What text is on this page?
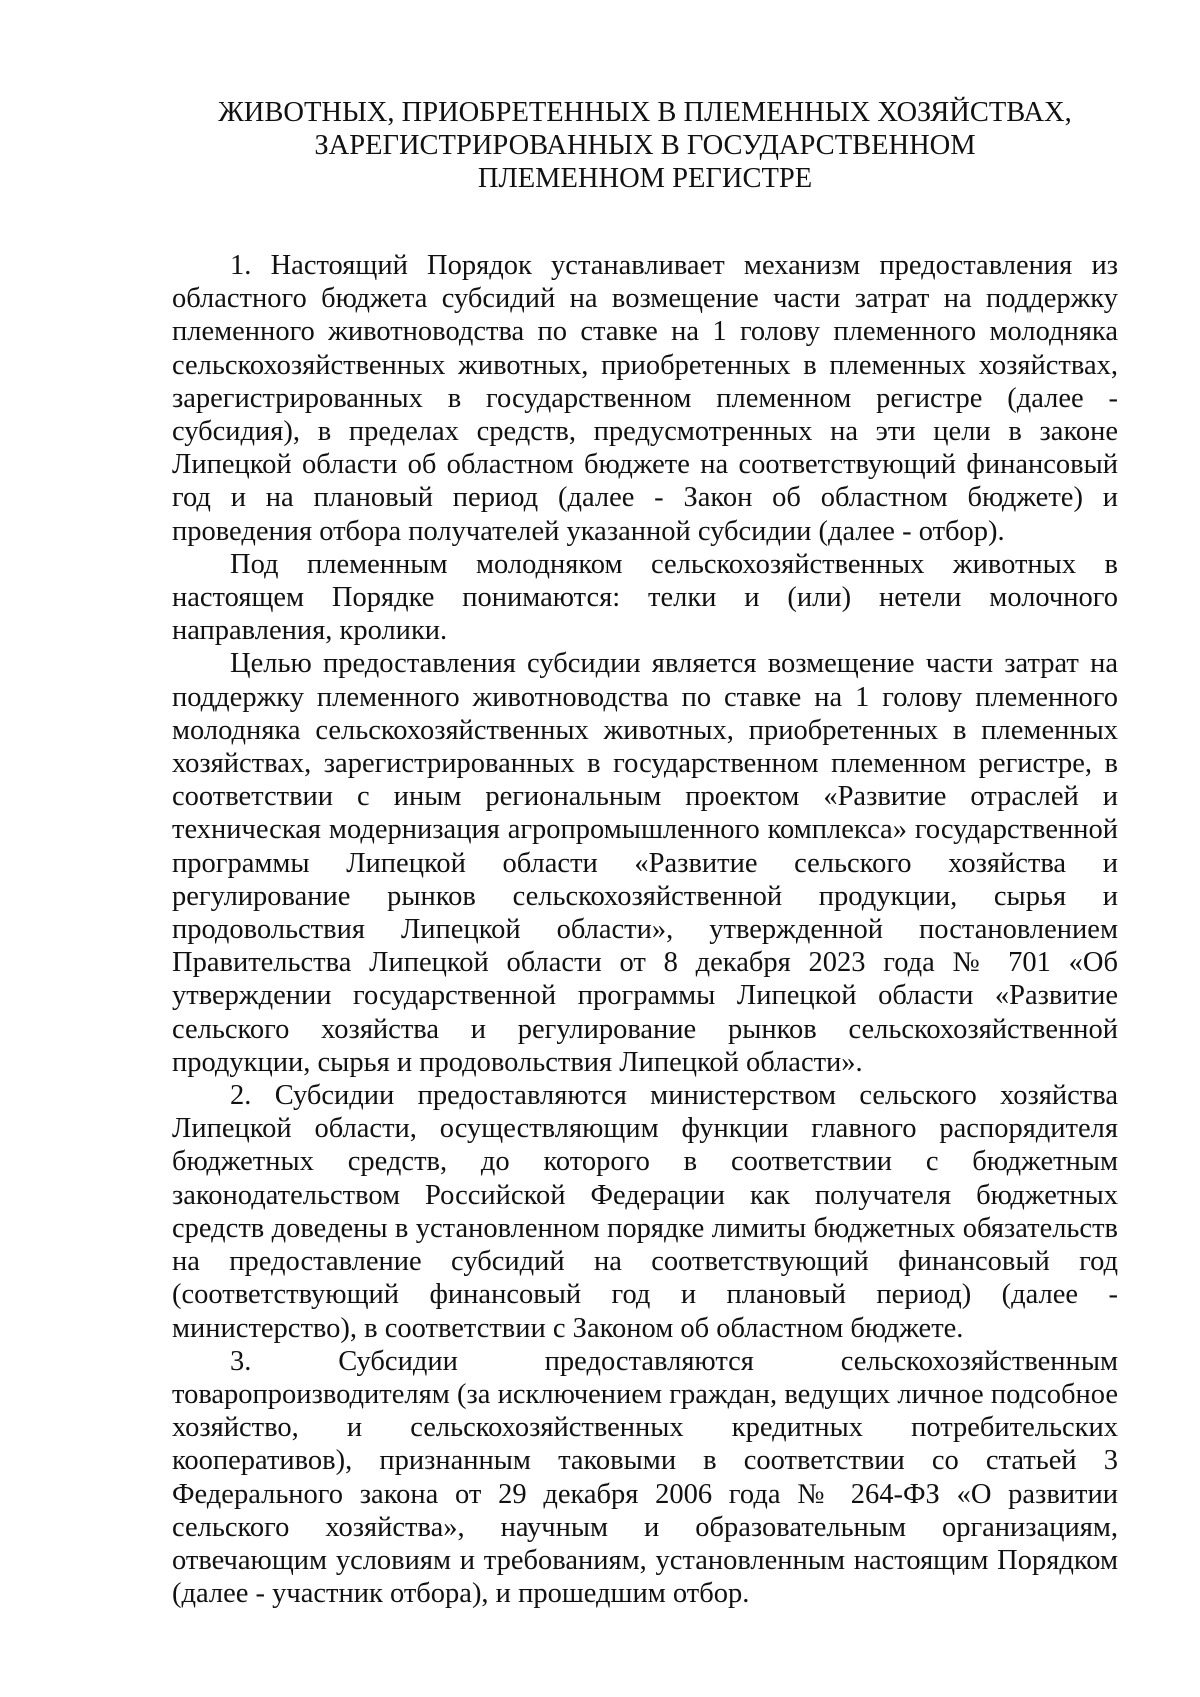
ЖИВОТНЫХ, ПРИОБРЕТЕННЫХ В ПЛЕМЕННЫХ ХОЗЯЙСТВАХ,
ЗАРЕГИСТРИРОВАННЫХ В ГОСУДАРСТВЕННОМ
ПЛЕМЕННОМ РЕГИСТРЕ

1. Настоящий Порядок устанавливает механизм предоставления из областного бюджета субсидий на возмещение части затрат на поддержку племенного животноводства по ставке на 1 голову племенного молодняка сельскохозяйственных животных, приобретенных в племенных хозяйствах, зарегистрированных в государственном племенном регистре (далее - субсидия), в пределах средств, предусмотренных на эти цели в законе Липецкой области об областном бюджете на соответствующий финансовый год и на плановый период (далее - Закон об областном бюджете) и проведения отбора получателей указанной субсидии (далее - отбор).

Под племенным молодняком сельскохозяйственных животных в настоящем Порядке понимаются: телки и (или) нетели молочного направления, кролики.

Целью предоставления субсидии является возмещение части затрат на поддержку племенного животноводства по ставке на 1 голову племенного молодняка сельскохозяйственных животных, приобретенных в племенных хозяйствах, зарегистрированных в государственном племенном регистре, в соответствии с иным региональным проектом «Развитие отраслей и техническая модернизация агропромышленного комплекса» государственной программы Липецкой области «Развитие сельского хозяйства и регулирование рынков сельскохозяйственной продукции, сырья и продовольствия Липецкой области», утвержденной постановлением Правительства Липецкой области от 8 декабря 2023 года № 701 «Об утверждении государственной программы Липецкой области «Развитие сельского хозяйства и регулирование рынков сельскохозяйственной продукции, сырья и продовольствия Липецкой области».

2. Субсидии предоставляются министерством сельского хозяйства Липецкой области, осуществляющим функции главного распорядителя бюджетных средств, до которого в соответствии с бюджетным законодательством Российской Федерации как получателя бюджетных средств доведены в установленном порядке лимиты бюджетных обязательств на предоставление субсидий на соответствующий финансовый год (соответствующий финансовый год и плановый период) (далее - министерство), в соответствии с Законом об областном бюджете.

3. Субсидии предоставляются сельскохозяйственным товаропроизводителям (за исключением граждан, ведущих личное подсобное хозяйство, и сельскохозяйственных кредитных потребительских кооперативов), признанным таковыми в соответствии со статьей 3 Федерального закона от 29 декабря 2006 года № 264-ФЗ «О развитии сельского хозяйства», научным и образовательным организациям, отвечающим условиям и требованиям, установленным настоящим Порядком (далее - участник отбора), и прошедшим отбор.
